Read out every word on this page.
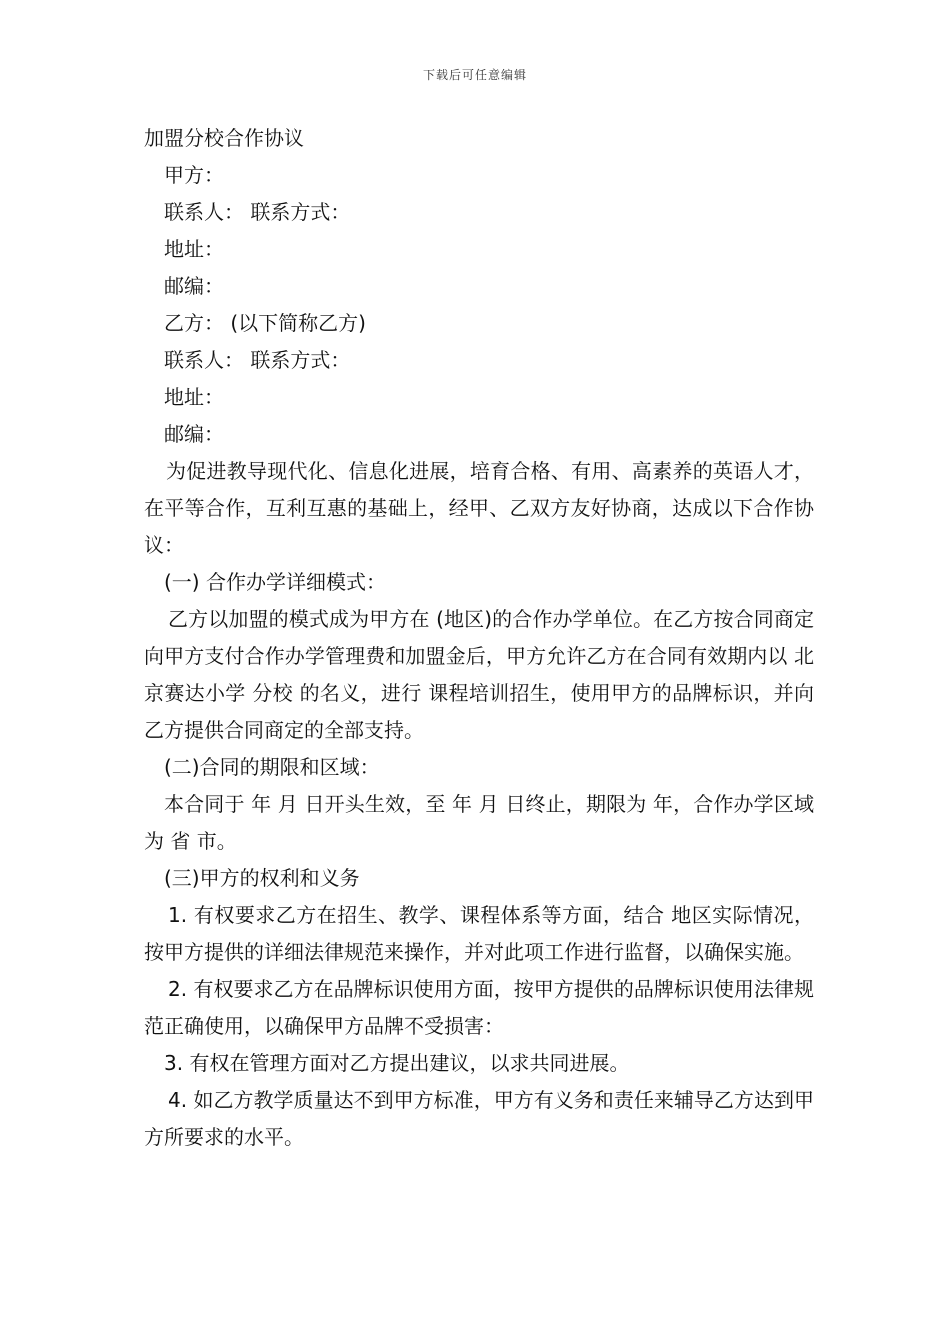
下载后可任意编辑
加盟分校合作协议
甲方：
联系人： 联系方式：
地址：
邮编：
乙方： (以下简称乙方)
联系人： 联系方式：
地址：
邮编：
为促进教导现代化、信息化进展，培育合格、有用、高素养的英语人才，在平等合作，互利互惠的基础上，经甲、乙双方友好协商，达成以下合作协议：
(一) 合作办学详细模式：
乙方以加盟的模式成为甲方在 (地区)的合作办学单位。在乙方按合同商定向甲方支付合作办学管理费和加盟金后，甲方允许乙方在合同有效期内以 北京赛达小学 分校 的名义，进行 课程培训招生，使用甲方的品牌标识，并向乙方提供合同商定的全部支持。
(二)合同的期限和区域：
本合同于 年 月 日开头生效，至 年 月 日终止，期限为 年，合作办学区域为 省 市。
(三)甲方的权利和义务
1. 有权要求乙方在招生、教学、课程体系等方面，结合 地区实际情况，按甲方提供的详细法律规范来操作，并对此项工作进行监督，以确保实施。
2. 有权要求乙方在品牌标识使用方面，按甲方提供的品牌标识使用法律规范正确使用，以确保甲方品牌不受损害：
3. 有权在管理方面对乙方提出建议，以求共同进展。
4. 如乙方教学质量达不到甲方标准，甲方有义务和责任来辅导乙方达到甲方所要求的水平。
